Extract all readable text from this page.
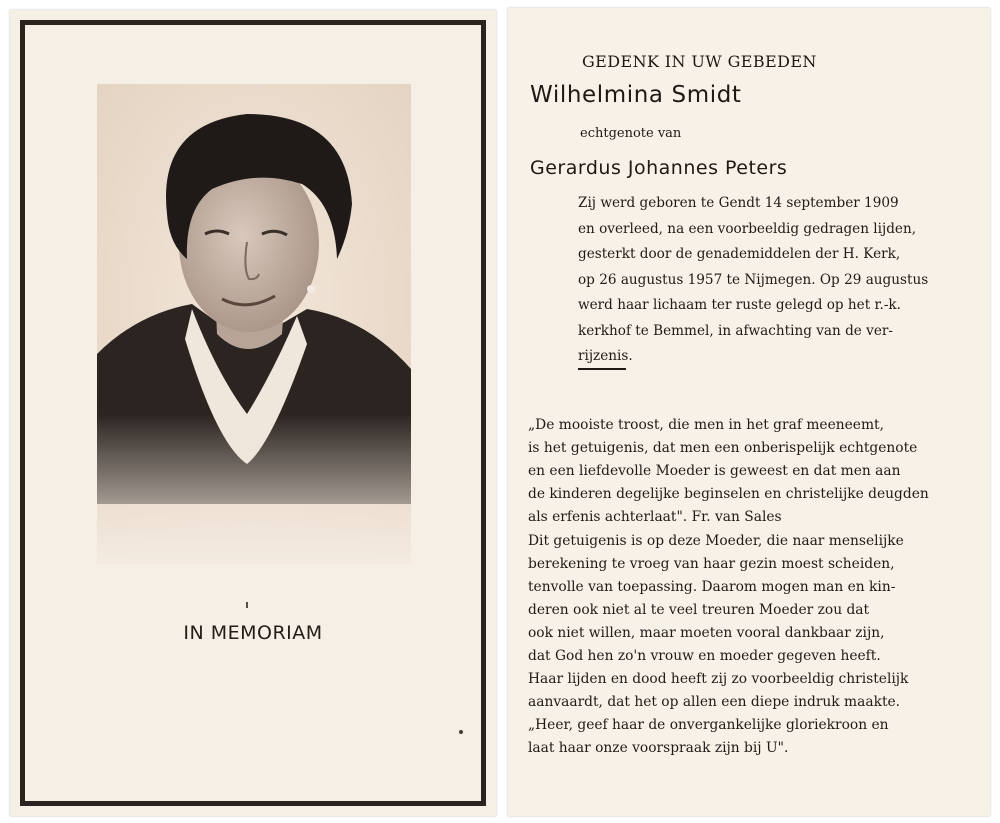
IN MEMORIAM
GEDENK IN UW GEBEDEN
Wilhelmina Smidt
echtgenote van
Gerardus Johannes Peters
Zij werd geboren te Gendt 14 september 1909
en overleed, na een voorbeeldig gedragen lijden,
gesterkt door de genademiddelen der H. Kerk,
op 26 augustus 1957 te Nijmegen. Op 29 augustus
werd haar lichaam ter ruste gelegd op het r.-k.
kerkhof te Bemmel, in afwachting van de ver-
rijzenis.
„De mooiste troost, die men in het graf meeneemt,
is het getuigenis, dat men een onberispelijk echtgenote
en een liefdevolle Moeder is geweest en dat men aan
de kinderen degelijke beginselen en christelijke deugden
als erfenis achterlaat". Fr. van Sales
Dit getuigenis is op deze Moeder, die naar menselijke
berekening te vroeg van haar gezin moest scheiden,
tenvolle van toepassing. Daarom mogen man en kin-
deren ook niet al te veel treuren Moeder zou dat
ook niet willen, maar moeten vooral dankbaar zijn,
dat God hen zo'n vrouw en moeder gegeven heeft.
Haar lijden en dood heeft zij zo voorbeeldig christelijk
aanvaardt, dat het op allen een diepe indruk maakte.
„Heer, geef haar de onvergankelijke gloriekroon en
laat haar onze voorspraak zijn bij U".
